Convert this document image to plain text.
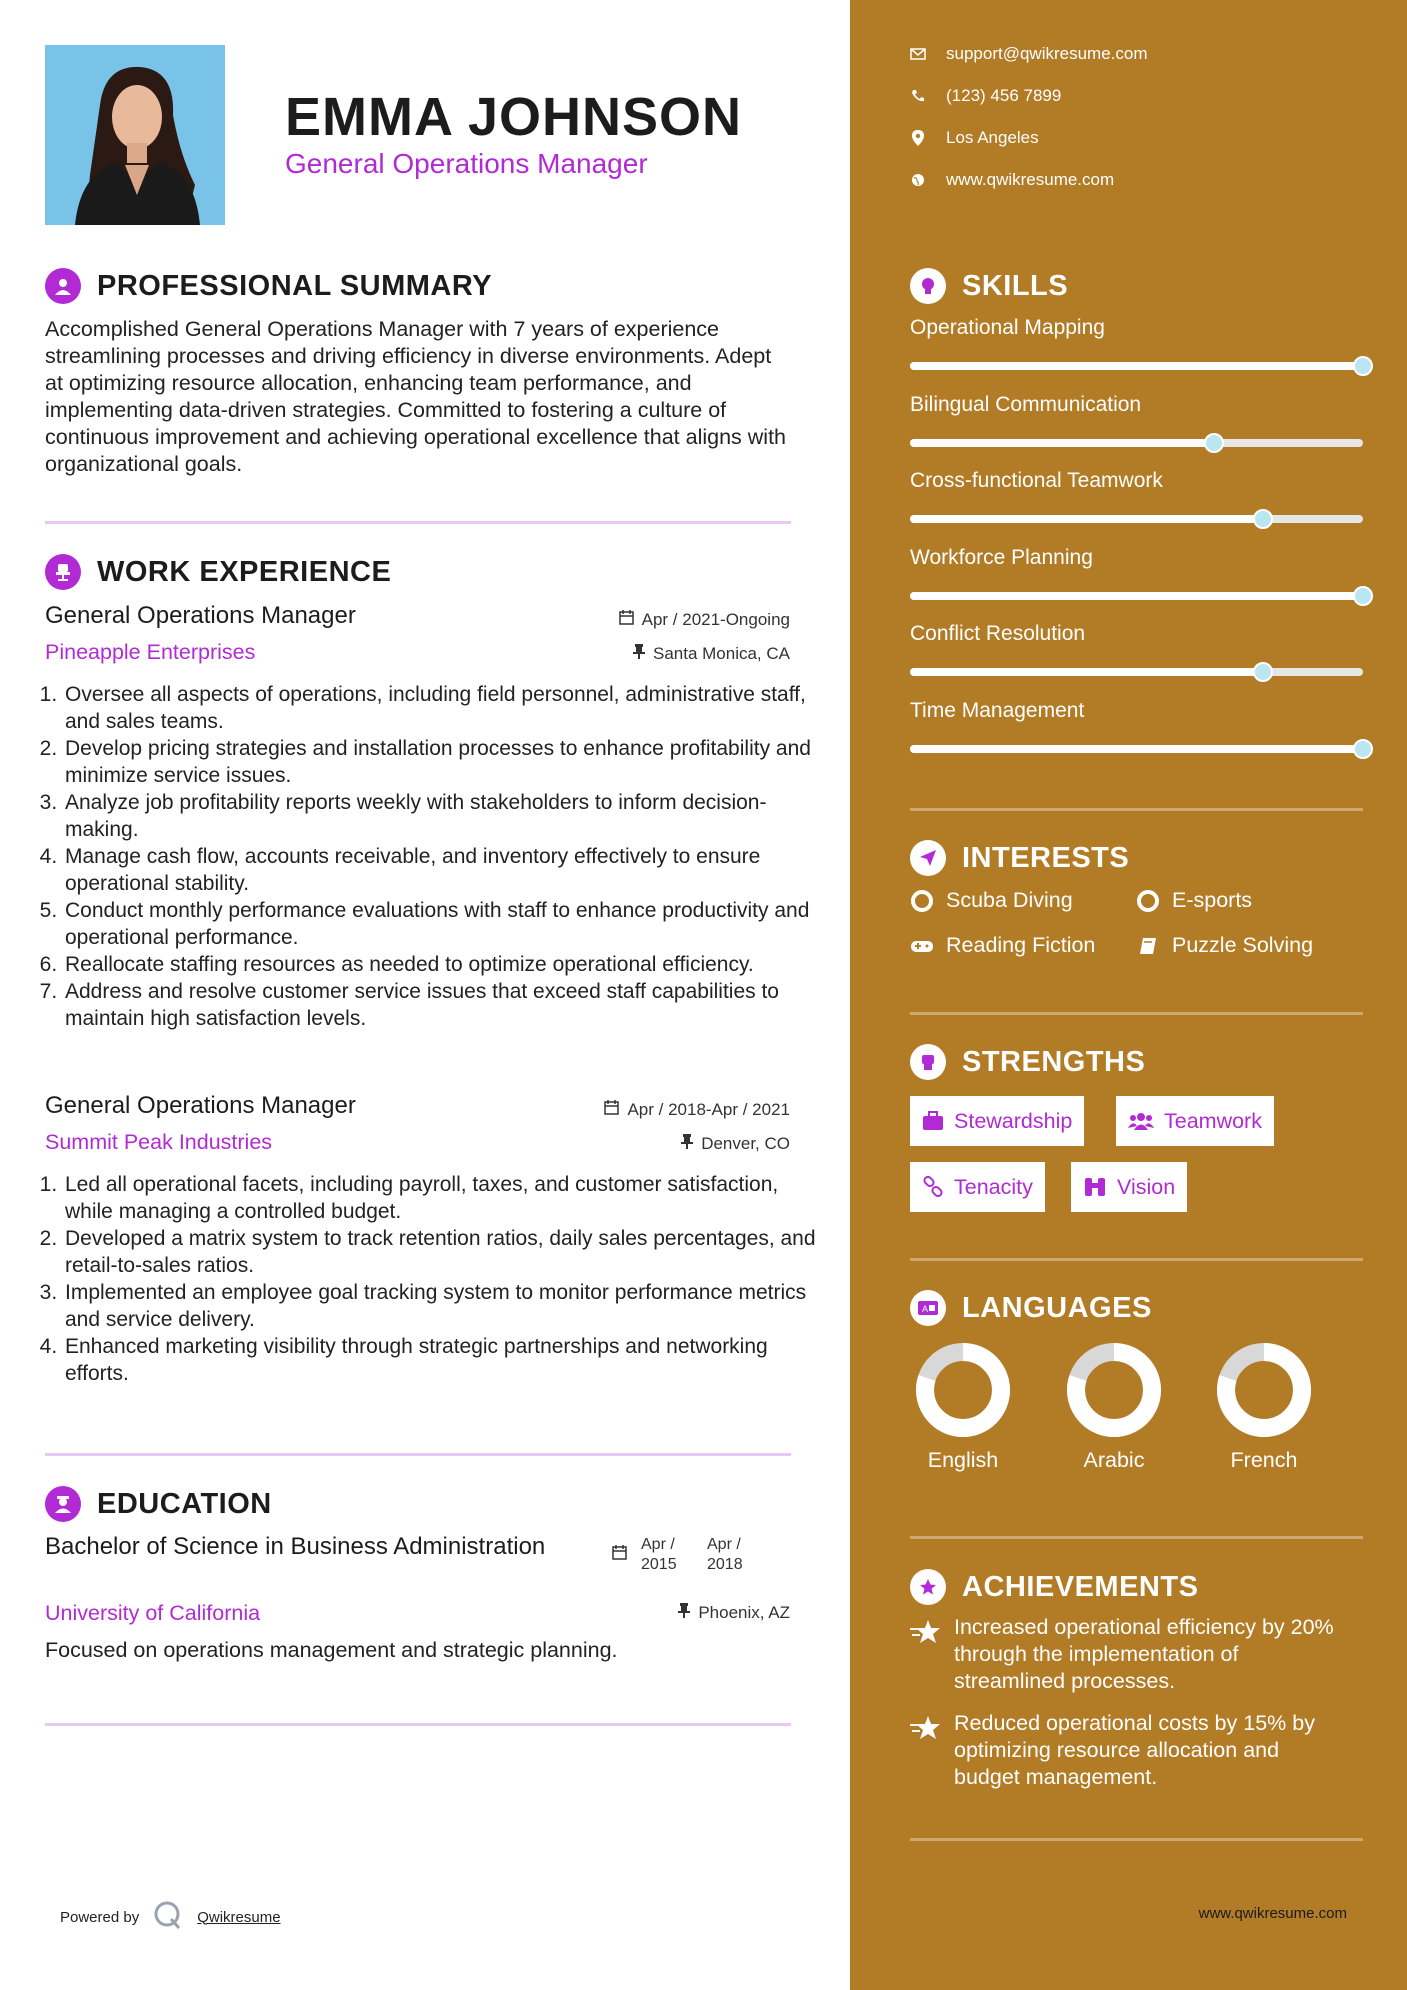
EMMA JOHNSON
General Operations Manager
PROFESSIONAL SUMMARY
Accomplished General Operations Manager with 7 years of experience streamlining processes and driving efficiency in diverse environments. Adept at optimizing resource allocation, enhancing team performance, and implementing data-driven strategies. Committed to fostering a culture of continuous improvement and achieving operational excellence that aligns with organizational goals.
WORK EXPERIENCE
General Operations Manager	Apr / 2021-Ongoing
Pineapple Enterprises	Santa Monica, CA
1. Oversee all aspects of operations, including field personnel, administrative staff, and sales teams.
2. Develop pricing strategies and installation processes to enhance profitability and minimize service issues.
3. Analyze job profitability reports weekly with stakeholders to inform decision-making.
4. Manage cash flow, accounts receivable, and inventory effectively to ensure operational stability.
5. Conduct monthly performance evaluations with staff to enhance productivity and operational performance.
6. Reallocate staffing resources as needed to optimize operational efficiency.
7. Address and resolve customer service issues that exceed staff capabilities to maintain high satisfaction levels.
General Operations Manager	Apr / 2018-Apr / 2021
Summit Peak Industries	Denver, CO
1. Led all operational facets, including payroll, taxes, and customer satisfaction, while managing a controlled budget.
2. Developed a matrix system to track retention ratios, daily sales percentages, and retail-to-sales ratios.
3. Implemented an employee goal tracking system to monitor performance metrics and service delivery.
4. Enhanced marketing visibility through strategic partnerships and networking efforts.
EDUCATION
Bachelor of Science in Business Administration	Apr / 2015
Apr / 2018
University of California	Phoenix, AZ
Focused on operations management and strategic planning.
Powered by	Qwikresume
support@qwikresume.com
(123) 456 7899
Los Angeles
www.qwikresume.com
SKILLS
Operational Mapping
Bilingual Communication
Cross-functional Teamwork
Workforce Planning
Conflict Resolution
Time Management
INTERESTS
Scuba Diving	E-sports
Reading Fiction	Puzzle Solving
STRENGTHS
Stewardship	Teamwork
Tenacity	Vision
A LANGUAGES
English	Arabic	French
ACHIEVEMENTS
Increased operational efficiency by 20% through the implementation of streamlined processes.
Reduced operational costs by 15% by optimizing resource allocation and budget management.
www.qwikresume.com
